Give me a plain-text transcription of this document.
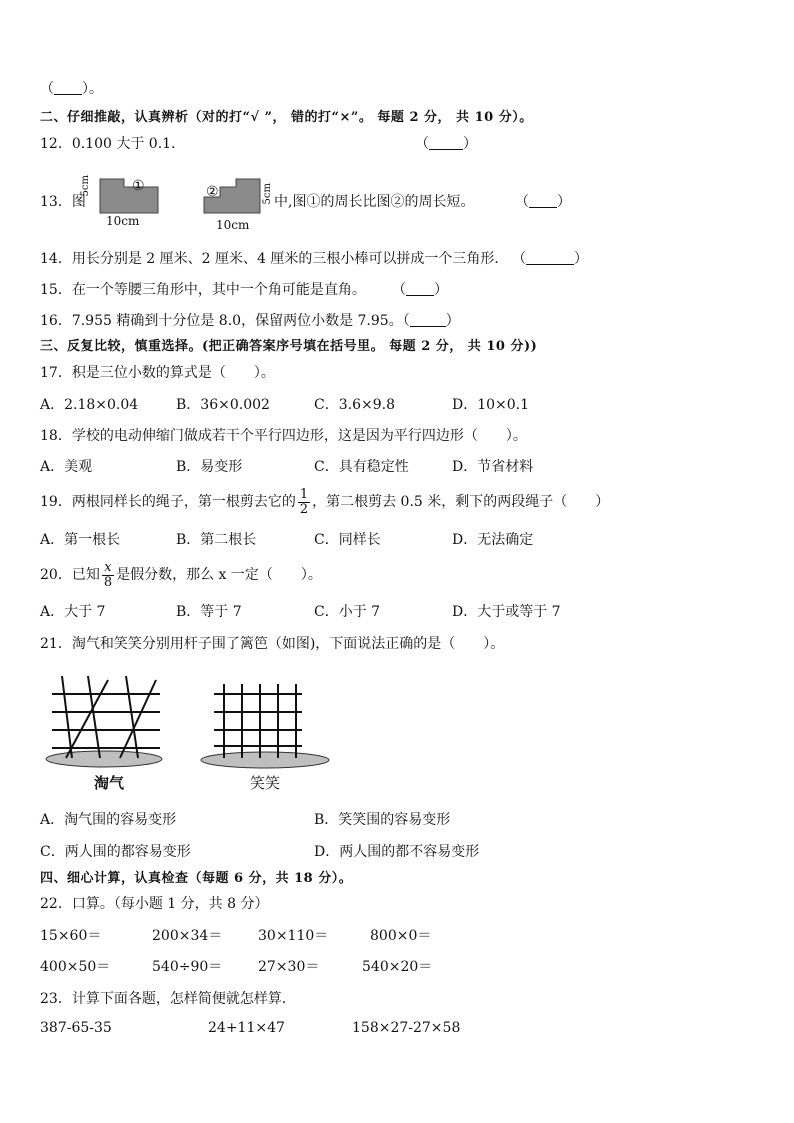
（ ）。
二、仔细推敲，认真辨析（对的打“√ ”， 错的打“×”。 每题 2 分， 共 10 分）。
12．0.100 大于 0.1．	（ ）
13．图
5cm	①
10cm
②	5cm
10cm
中,图①的周长比图②的周长短。	（ ）
14．用长分别是 2 厘米、2 厘米、4 厘米的三根小棒可以拼成一个三角形． （	）
15．在一个等腰三角形中，其中一个角可能是直角。 （ ）
16．7.955 精确到十分位是 8.0，保留两位小数是 7.95。（	）
三、反复比较，慎重选择。(把正确答案序号填在括号里。 每题 2 分， 共 10 分))
17．积是三位小数的算式是（　　）。
A．2.18×0.04	B．36×0.002	C．3.6×9.8	D．10×0.1
18．学校的电动伸缩门做成若干个平行四边形，这是因为平行四边形（　　）。
A．美观	B．易变形	C．具有稳定性	D．节省材料
19．两根同样长的绳子，第一根剪去它的 $\frac{1}{2}$ ，第二根剪去 0.5 米，剩下的两段绳子（　　）
A．第一根长	B．第二根长	C．同样长	D．无法确定
20．已知 $\frac{x}{8}$ 是假分数，那么 x 一定（　　）。
A．大于 7	B．等于 7	C．小于 7	D．大于或等于 7
21．淘气和笑笑分别用杆子围了篱笆（如图)，下面说法正确的是（　　）。
淘气	笑笑
A．淘气围的容易变形	B．笑笑围的容易变形
C．两人围的都容易变形	D．两人围的都不容易变形
四、细心计算，认真检查（每题 6 分，共 18 分）。
22．口算。（每小题 1 分，共 8 分）
15×60＝	200×34＝	30×110＝	800×0＝
400×50＝	540÷90＝	27×30＝	540×20＝
23．计算下面各题，怎样简便就怎样算．
387-65-35	24+11×47	158×27-27×58
